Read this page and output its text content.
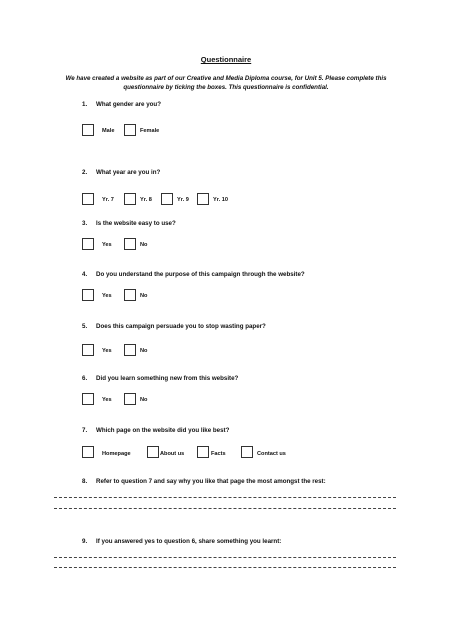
Questionnaire
We have created a website as part of our Creative and Media Diploma course, for Unit 5. Please complete this questionnaire by ticking the boxes. This questionnaire is confidential.
1. What gender are you?
Male	Female
2. What year are you in?
Yr. 7	Yr. 8	Yr. 9	Yr. 10
3. Is the website easy to use?
Yes	No
4. Do you understand the purpose of this campaign through the website?
Yes	No
5. Does this campaign persuade you to stop wasting paper?
Yes	No
6. Did you learn something new from this website?
Yes	No
7. Which page on the website did you like best?
Homepage	About us	Facts	Contact us
8. Refer to question 7 and say why you like that page the most amongst the rest:
9. If you answered yes to question 6, share something you learnt:
